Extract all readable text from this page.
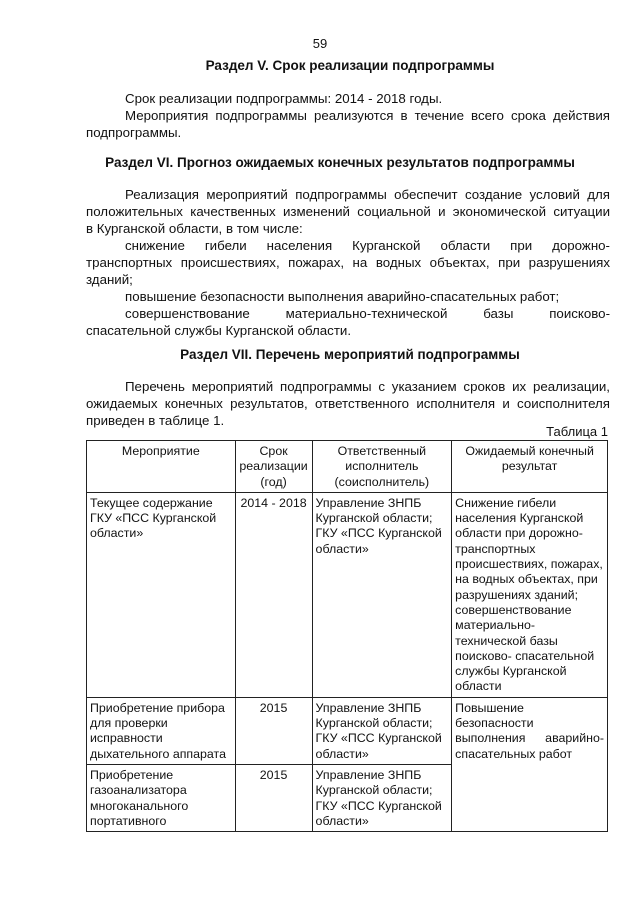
59
Раздел V. Срок реализации подпрограммы
Срок реализации подпрограммы: 2014 - 2018 годы.
Мероприятия подпрограммы реализуются в течение всего срока действия
подпрограммы.
Раздел VI. Прогноз ожидаемых конечных результатов подпрограммы
Реализация мероприятий подпрограммы обеспечит создание условий для
положительных качественных изменений социальной и экономической ситуации
в Курганской области, в том числе:
снижение гибели населения Курганской области при дорожно-
транспортных происшествиях, пожарах, на водных объектах, при разрушениях
зданий;
повышение безопасности выполнения аварийно-спасательных работ;
совершенствование материально-технической базы поисково-
спасательной службы Курганской области.
Раздел VII. Перечень мероприятий подпрограммы
Перечень мероприятий подпрограммы с указанием сроков их реализации,
ожидаемых конечных результатов, ответственного исполнителя и соисполнителя
приведен в таблице 1.
Таблица 1
Мероприятие	Срок реализации (год)	Ответственный исполнитель (соисполнитель)	Ожидаемый конечный результат
Текущее содержание ГКУ «ПСС Курганской области»	2014 - 2018	Управление ЗНПБ Курганской области; ГКУ «ПСС Курганской области»	Снижение гибели населения Курганской области при дорожно-транспортных происшествиях, пожарах, на водных объектах, при разрушениях зданий; совершенствование материально-технической базы поисково- спасательной службы Курганской области
Приобретение прибора для проверки исправности дыхательного аппарата	2015	Управление ЗНПБ Курганской области; ГКУ «ПСС Курганской области»	Повышение
безопасности
выполнения аварийно-
спасательных работ

Приобретение газоанализатора многоканального портативного	2015	Управление ЗНПБ Курганской области; ГКУ «ПСС Курганской области»	
